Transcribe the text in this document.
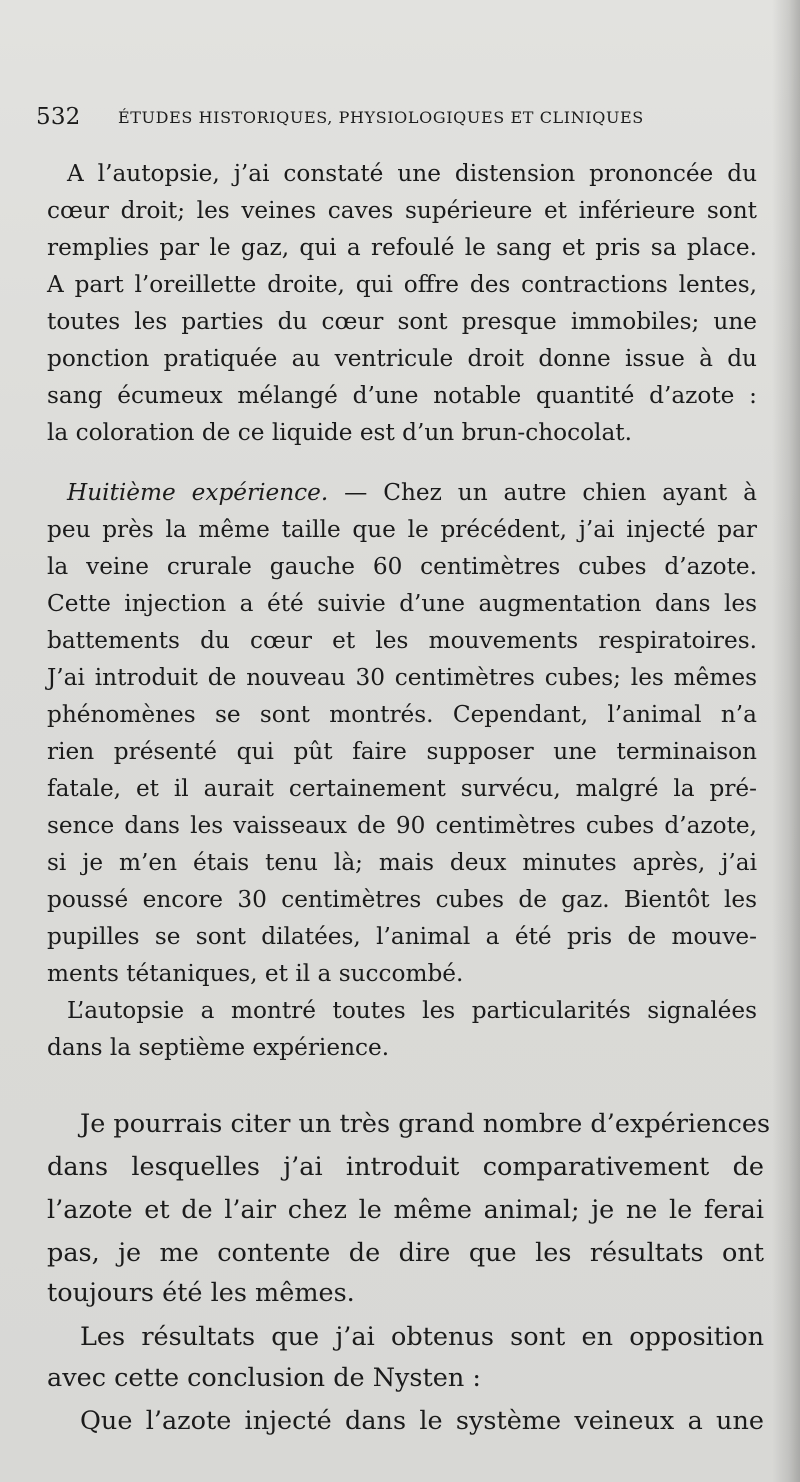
532 ÉTUDES HISTORIQUES, PHYSIOLOGIQUES ET CLINIQUES
A l’autopsie, j’ai constaté une distension prononcée du
cœur droit; les veines caves supérieure et inférieure sont
remplies par le gaz, qui a refoulé le sang et pris sa place.
A part l’oreillette droite, qui offre des contractions lentes,
toutes les parties du cœur sont presque immobiles; une
ponction pratiquée au ventricule droit donne issue à du
sang écumeux mélangé d’une notable quantité d’azote :
la coloration de ce liquide est d’un brun-chocolat.
Huitième expérience. — Chez un autre chien ayant à
peu près la même taille que le précédent, j’ai injecté par
la veine crurale gauche 60 centimètres cubes d’azote.
Cette injection a été suivie d’une augmentation dans les
battements du cœur et les mouvements respiratoires.
J’ai introduit de nouveau 30 centimètres cubes; les mêmes
phénomènes se sont montrés. Cependant, l’animal n’a
rien présenté qui pût faire supposer une terminaison
fatale, et il aurait certainement survécu, malgré la pré-
sence dans les vaisseaux de 90 centimètres cubes d’azote,
si je m’en étais tenu là; mais deux minutes après, j’ai
poussé encore 30 centimètres cubes de gaz. Bientôt les
pupilles se sont dilatées, l’animal a été pris de mouve-
ments tétaniques, et il a succombé.
L’autopsie a montré toutes les particularités signalées
dans la septième expérience.
Je pourrais citer un très grand nombre d’expériences
dans lesquelles j’ai introduit comparativement de
l’azote et de l’air chez le même animal; je ne le ferai
pas, je me contente de dire que les résultats ont
toujours été les mêmes.
Les résultats que j’ai obtenus sont en opposition
avec cette conclusion de Nysten :
Que l’azote injecté dans le système veineux a une
